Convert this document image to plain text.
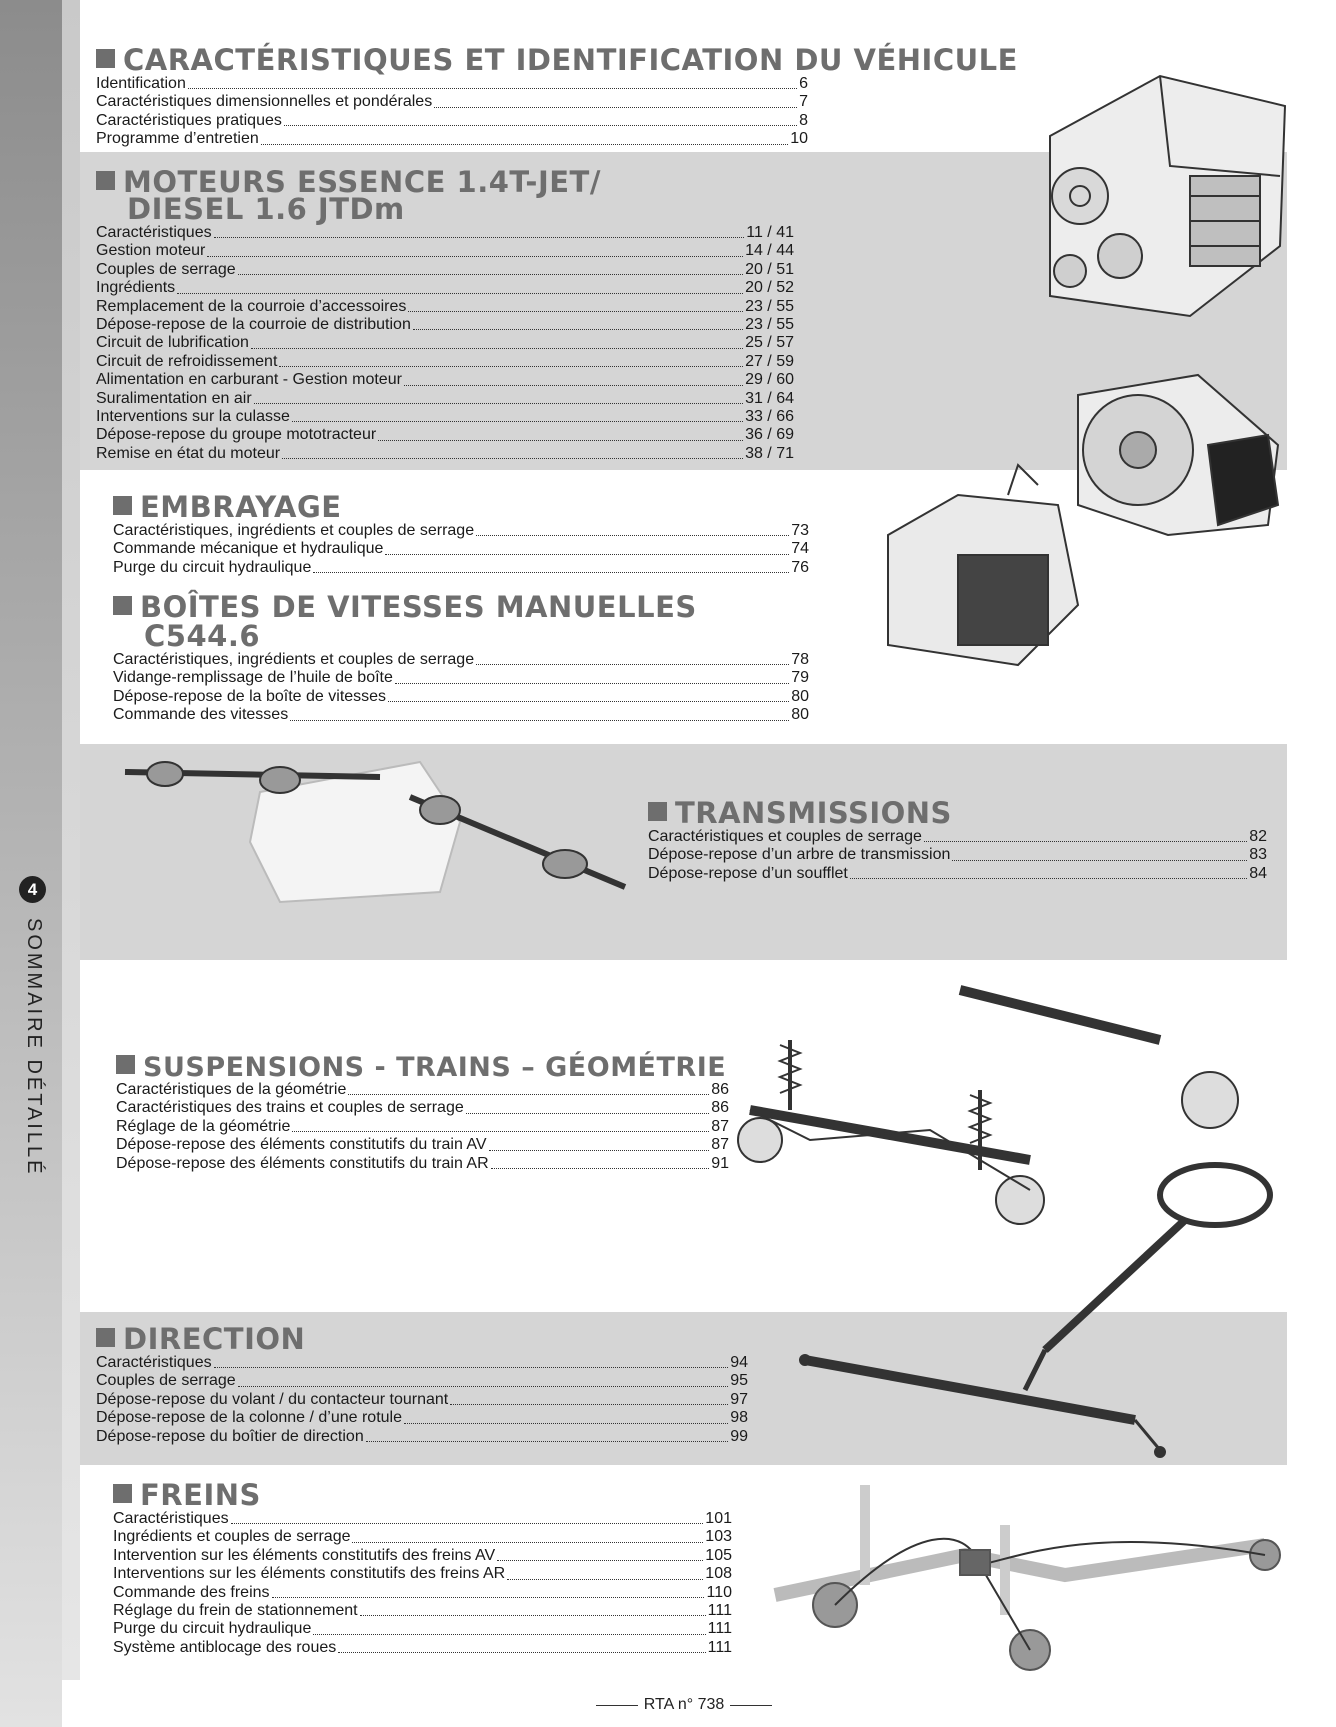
4
SOMMAIRE DÉTAILLÉ
CARACTÉRISTIQUES ET IDENTIFICATION DU VÉHICULE
Identification	6
Caractéristiques dimensionnelles et pondérales	7
Caractéristiques pratiques	8
Programme d’entretien	10
MOTEURS ESSENCE 1.4T-JET/
DIESEL 1.6 JTDm
Caractéristiques	11 / 41
Gestion moteur	14 / 44
Couples de serrage	20 / 51
Ingrédients	20 / 52
Remplacement de la courroie d’accessoires	23 / 55
Dépose-repose de la courroie de distribution	23 / 55
Circuit de lubrification	25 / 57
Circuit de refroidissement	27 / 59
Alimentation en carburant - Gestion moteur	29 / 60
Suralimentation en air	31 / 64
Interventions sur la culasse	33 / 66
Dépose-repose du groupe mototracteur	36 / 69
Remise en état du moteur	38 / 71
EMBRAYAGE
Caractéristiques, ingrédients et couples de serrage	73
Commande mécanique et hydraulique	74
Purge du circuit hydraulique	76
BOÎTES DE VITESSES MANUELLES
C544.6
Caractéristiques, ingrédients et couples de serrage	78
Vidange-remplissage de l’huile de boîte	79
Dépose-repose de la boîte de vitesses	80
Commande des vitesses	80
TRANSMISSIONS
Caractéristiques et couples de serrage	82
Dépose-repose d’un arbre de transmission	83
Dépose-repose d’un soufflet	84
SUSPENSIONS - TRAINS – GÉOMÉTRIE
Caractéristiques de la géométrie	86
Caractéristiques des trains et couples de serrage	86
Réglage de la géométrie	87
Dépose-repose des éléments constitutifs du train AV	87
Dépose-repose des éléments constitutifs du train AR	91
DIRECTION
Caractéristiques	94
Couples de serrage	95
Dépose-repose du volant / du contacteur tournant	97
Dépose-repose de la colonne / d’une rotule	98
Dépose-repose du boîtier de direction	99
FREINS
Caractéristiques	101
Ingrédients et couples de serrage	103
Intervention sur les éléments constitutifs des freins AV	105
Interventions sur les éléments constitutifs des freins AR	108
Commande des freins	110
Réglage du frein de stationnement	111
Purge du circuit hydraulique	111
Système antiblocage des roues	111
RTA n° 738
